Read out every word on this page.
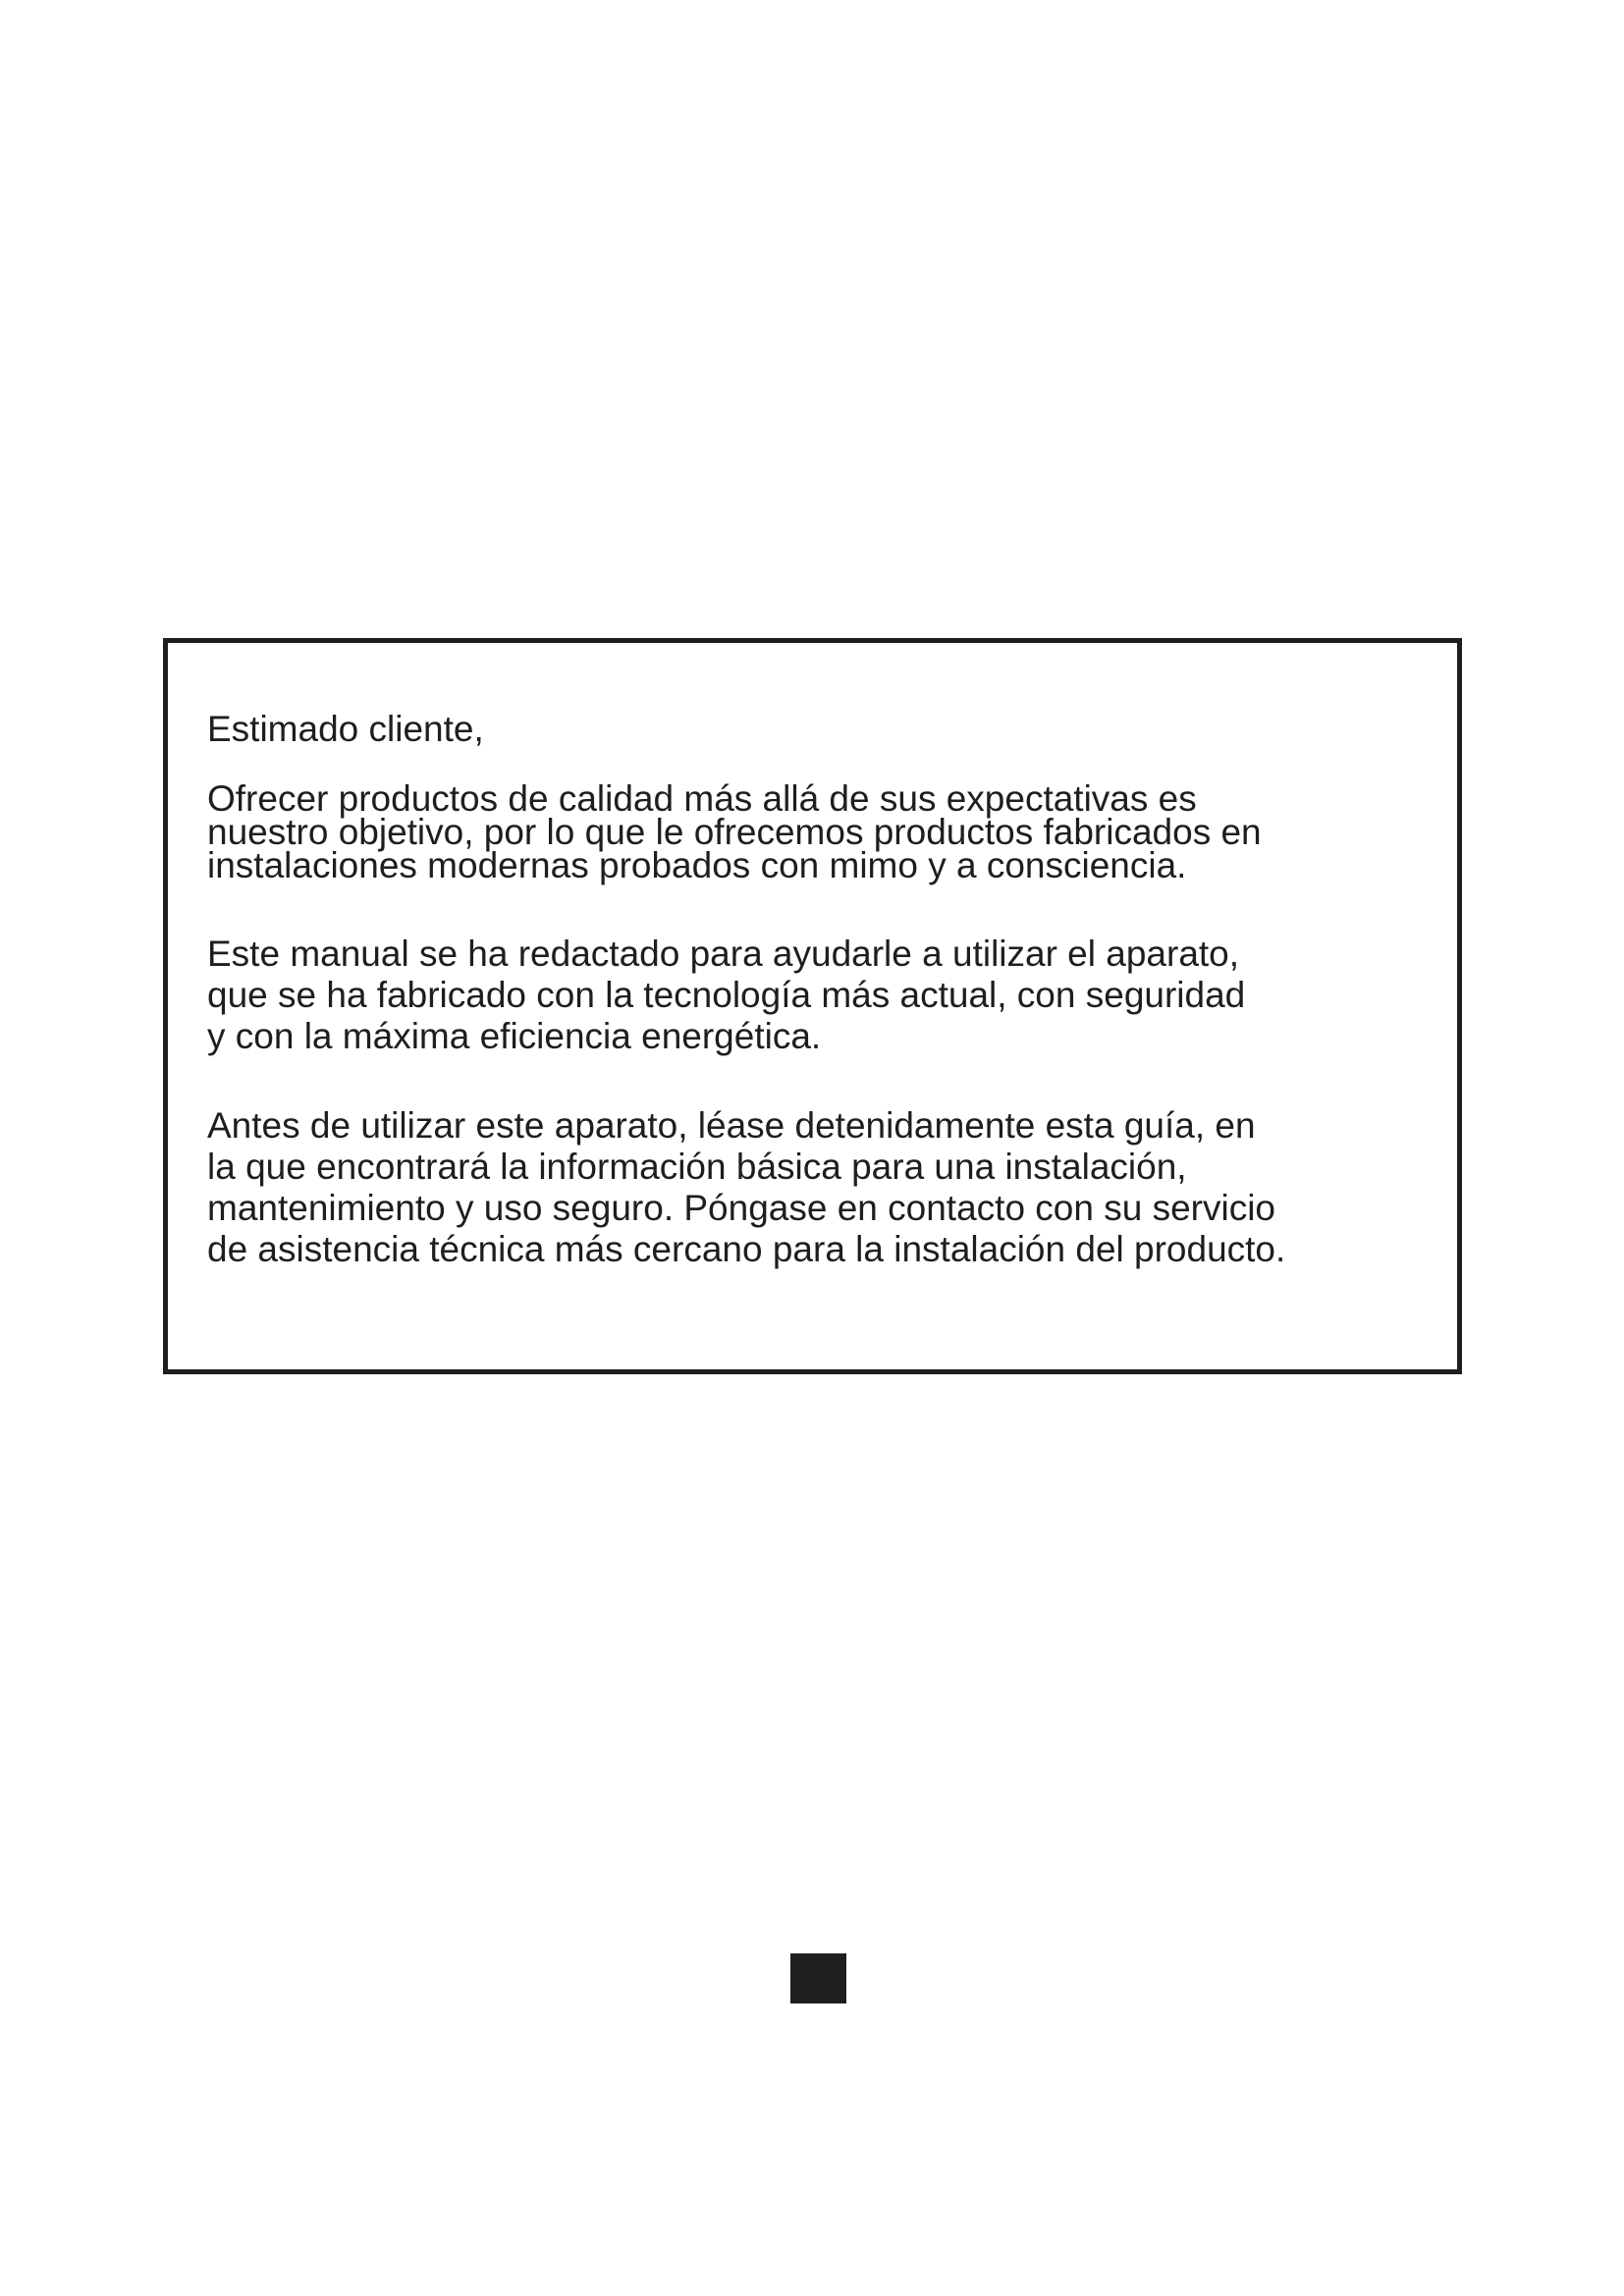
Estimado cliente,

Ofrecer productos de calidad más allá de sus expectativas es
nuestro objetivo, por lo que le ofrecemos productos fabricados en
instalaciones modernas probados con mimo y a consciencia.

Este manual se ha redactado para ayudarle a utilizar el aparato,
que se ha fabricado con la tecnología más actual, con seguridad
y con la máxima eficiencia energética.

Antes de utilizar este aparato, léase detenidamente esta guía, en
la que encontrará la información básica para una instalación,
mantenimiento y uso seguro. Póngase en contacto con su servicio
de asistencia técnica más cercano para la instalación del producto.
